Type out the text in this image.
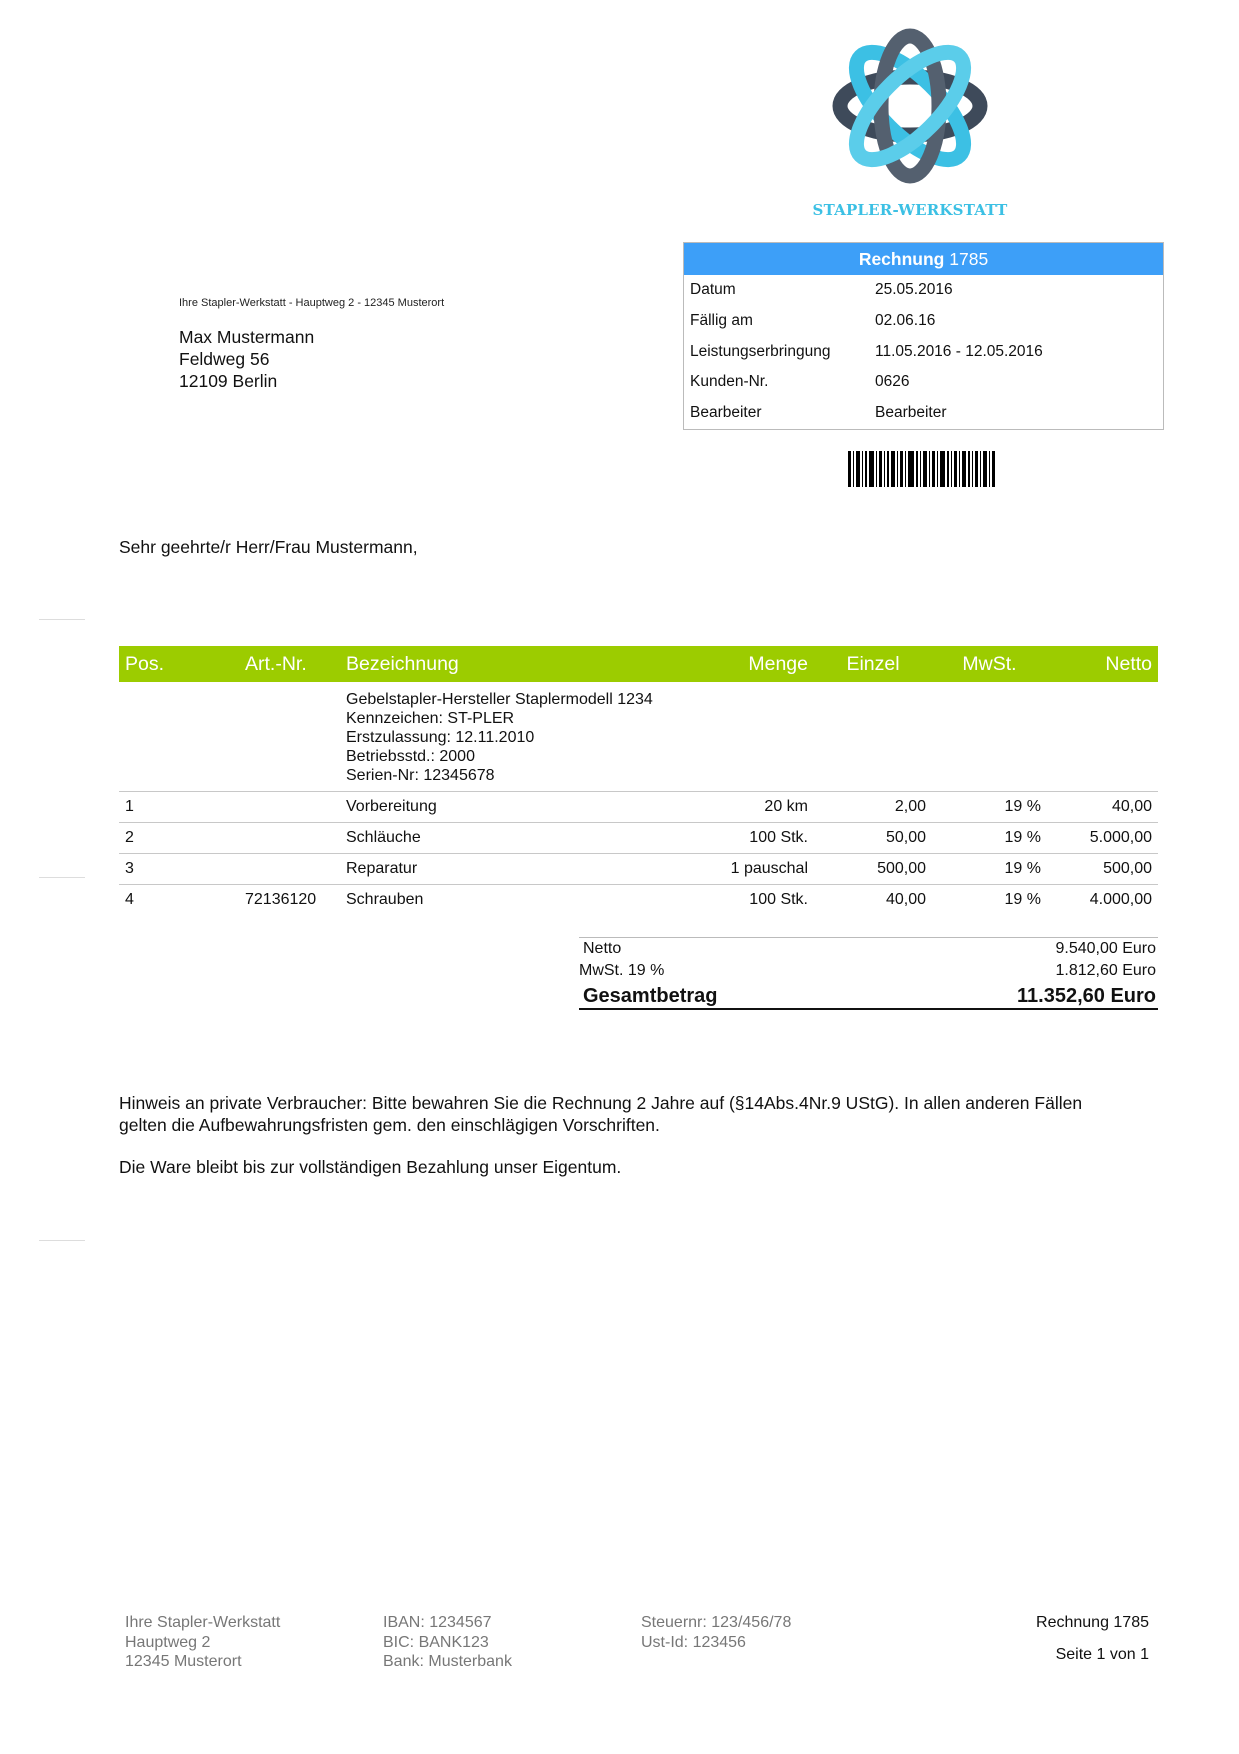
STAPLER-WERKSTATT
Ihre Stapler-Werkstatt - Hauptweg 2 - 12345 Musterort
Max Mustermann
Feldweg 56
12109 Berlin
Rechnung 1785
Datum	25.05.2016
Fällig am	02.06.16
Leistungserbringung	11.05.2016 - 12.05.2016
Kunden-Nr.	0626
Bearbeiter	Bearbeiter
Sehr geehrte/r Herr/Frau Mustermann,
Pos.	Art.-Nr.	Bezeichnung	Menge	Einzel	MwSt.	Netto

		Gebelstapler-Hersteller Staplermodell 1234
Kennzeichen: ST-PLER
Erstzulassung: 12.11.2010
Betriebsstd.: 2000
Serien-Nr: 12345678				

1		Vorbereitung	20 km	2,00	19 %	40,00
2		Schläuche	100 Stk.	50,00	19 %	5.000,00
3		Reparatur	1 pauschal	500,00	19 %	500,00
4	72136120	Schrauben	100 Stk.	40,00	19 %	4.000,00
Netto	9.540,00 Euro
MwSt. 19 %	1.812,60 Euro
Gesamtbetrag	11.352,60 Euro
Hinweis an private Verbraucher: Bitte bewahren Sie die Rechnung 2 Jahre auf (§14Abs.4Nr.9 UStG). In allen anderen Fällen
gelten die Aufbewahrungsfristen gem. den einschlägigen Vorschriften.
Die Ware bleibt bis zur vollständigen Bezahlung unser Eigentum.
Ihre Stapler-Werkstatt
Hauptweg 2
12345 Musterort
IBAN: 1234567
BIC: BANK123
Bank: Musterbank
Steuernr: 123/456/78
Ust-Id: 123456
Rechnung 1785
Seite 1 von 1
